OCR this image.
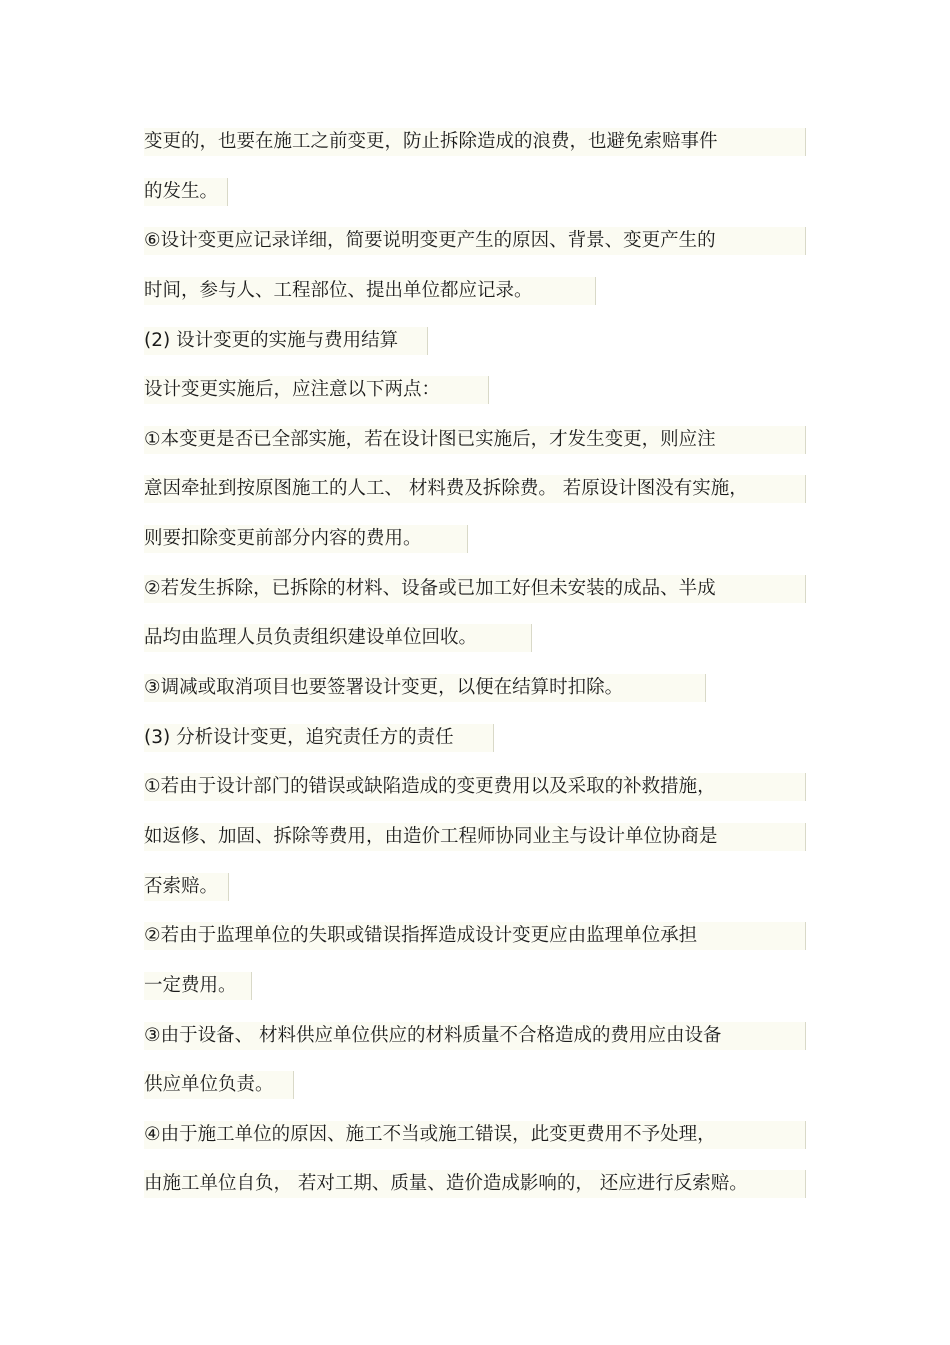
变更的，也要在施工之前变更，防止拆除造成的浪费，也避免索赔事件
的发生。
⑥设计变更应记录详细，简要说明变更产生的原因、背景、变更产生的
时间，参与人、工程部位、提出单位都应记录。
(2) 设计变更的实施与费用结算
设计变更实施后，应注意以下两点：
①本变更是否已全部实施，若在设计图已实施后，才发生变更，则应注
意因牵扯到按原图施工的人工、 材料费及拆除费。 若原设计图没有实施，
则要扣除变更前部分内容的费用。
②若发生拆除，已拆除的材料、设备或已加工好但未安装的成品、半成
品均由监理人员负责组织建设单位回收。
③调减或取消项目也要签署设计变更，以便在结算时扣除。
(3) 分析设计变更，追究责任方的责任
①若由于设计部门的错误或缺陷造成的变更费用以及采取的补救措施，
如返修、加固、拆除等费用，由造价工程师协同业主与设计单位协商是
否索赔。
②若由于监理单位的失职或错误指挥造成设计变更应由监理单位承担
一定费用。
③由于设备、 材料供应单位供应的材料质量不合格造成的费用应由设备
供应单位负责。
④由于施工单位的原因、施工不当或施工错误，此变更费用不予处理，
由施工单位自负， 若对工期、质量、造价造成影响的， 还应进行反索赔。
